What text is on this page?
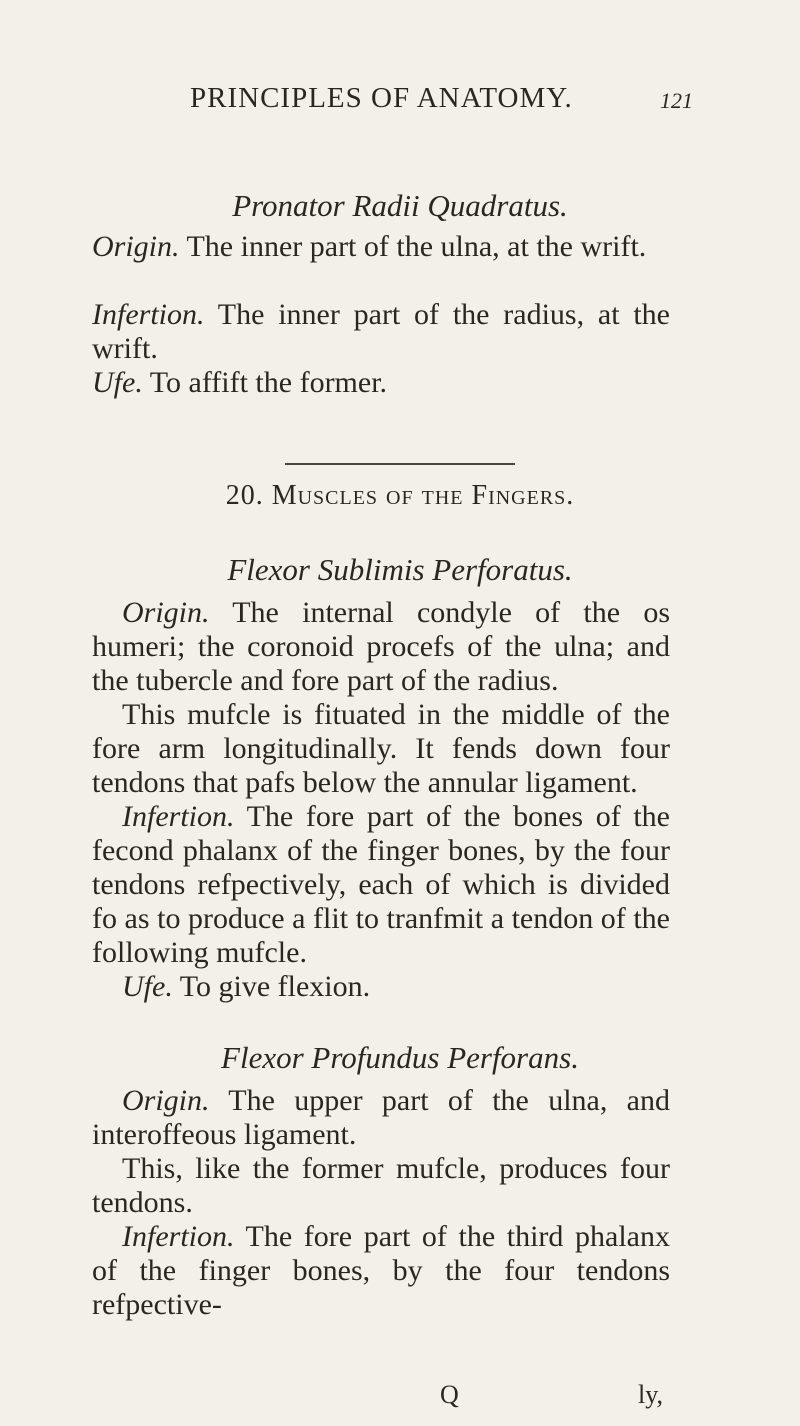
PRINCIPLES OF ANATOMY.	121
Pronator Radii Quadratus.

Origin. The inner part of the ulna, at the wrift.

Infertion. The inner part of the radius, at the wrift.

Ufe. To affift the former.

20. Muscles of the Fingers.
Flexor Sublimis Perforatus.

Origin. The internal condyle of the os humeri; the coronoid procefs of the ulna; and the tubercle and fore part of the radius.

This mufcle is fituated in the middle of the fore arm longitudinally. It fends down four tendons that pafs below the annular ligament.

Infertion. The fore part of the bones of the fecond phalanx of the finger bones, by the four tendons refpectively, each of which is divided fo as to produce a flit to tranfmit a tendon of the following mufcle.

Ufe. To give flexion.

Flexor Profundus Perforans.

Origin. The upper part of the ulna, and interoffeous ligament.

This, like the former mufcle, produces four tendons.

Infertion. The fore part of the third phalanx of the finger bones, by the four tendons refpective-

Q	ly,
